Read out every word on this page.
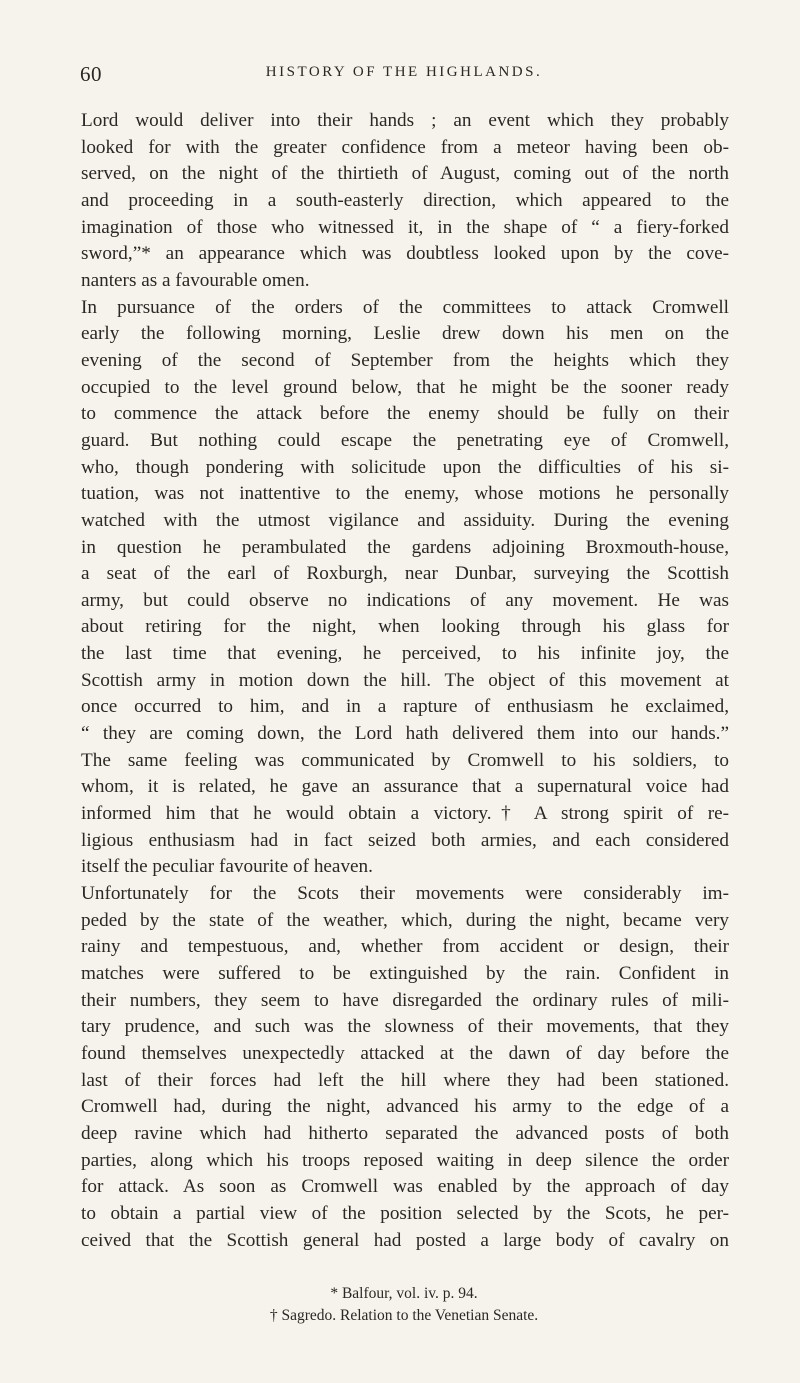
60	HISTORY OF THE HIGHLANDS.
Lord would deliver into their hands ; an event which they probably
looked for with the greater confidence from a meteor having been ob-
served, on the night of the thirtieth of August, coming out of the north
and proceeding in a south-easterly direction, which appeared to the
imagination of those who witnessed it, in the shape of “ a fiery-forked
sword,”* an appearance which was doubtless looked upon by the cove-
nanters as a favourable omen.
In pursuance of the orders of the committees to attack Cromwell
early the following morning, Leslie drew down his men on the
evening of the second of September from the heights which they
occupied to the level ground below, that he might be the sooner ready
to commence the attack before the enemy should be fully on their
guard. But nothing could escape the penetrating eye of Cromwell,
who, though pondering with solicitude upon the difficulties of his si-
tuation, was not inattentive to the enemy, whose motions he personally
watched with the utmost vigilance and assiduity. During the evening
in question he perambulated the gardens adjoining Broxmouth-house,
a seat of the earl of Roxburgh, near Dunbar, surveying the Scottish
army, but could observe no indications of any movement. He was
about retiring for the night, when looking through his glass for
the last time that evening, he perceived, to his infinite joy, the
Scottish army in motion down the hill. The object of this movement at
once occurred to him, and in a rapture of enthusiasm he exclaimed,
“ they are coming down, the Lord hath delivered them into our hands.”
The same feeling was communicated by Cromwell to his soldiers, to
whom, it is related, he gave an assurance that a supernatural voice had
informed him that he would obtain a victory.† A strong spirit of re-
ligious enthusiasm had in fact seized both armies, and each considered
itself the peculiar favourite of heaven.
Unfortunately for the Scots their movements were considerably im-
peded by the state of the weather, which, during the night, became very
rainy and tempestuous, and, whether from accident or design, their
matches were suffered to be extinguished by the rain. Confident in
their numbers, they seem to have disregarded the ordinary rules of mili-
tary prudence, and such was the slowness of their movements, that they
found themselves unexpectedly attacked at the dawn of day before the
last of their forces had left the hill where they had been stationed.
Cromwell had, during the night, advanced his army to the edge of a
deep ravine which had hitherto separated the advanced posts of both
parties, along which his troops reposed waiting in deep silence the order
for attack. As soon as Cromwell was enabled by the approach of day
to obtain a partial view of the position selected by the Scots, he per-
ceived that the Scottish general had posted a large body of cavalry on
* Balfour, vol. iv. p. 94.
† Sagredo. Relation to the Venetian Senate.
